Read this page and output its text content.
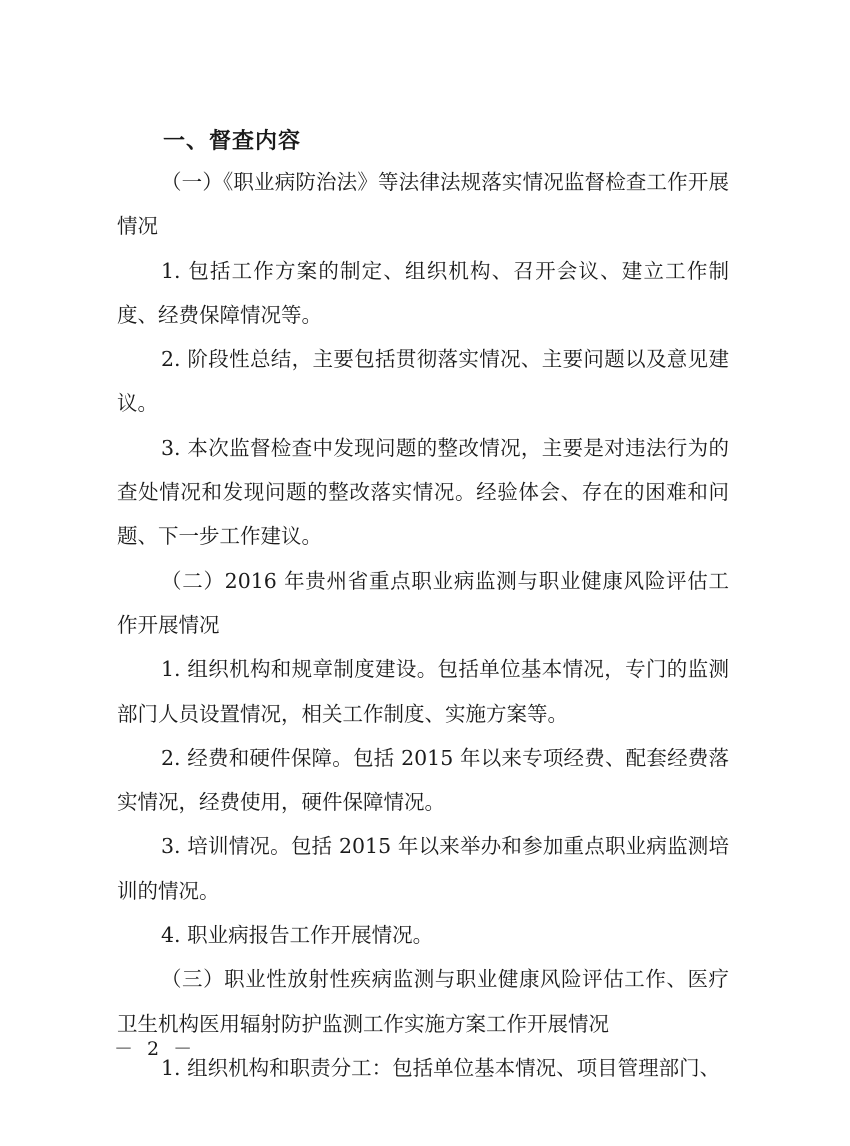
一、督查内容

（一）《职业病防治法》等法律法规落实情况监督检查工作开展情况

1. 包括工作方案的制定、组织机构、召开会议、建立工作制度、经费保障情况等。

2. 阶段性总结，主要包括贯彻落实情况、主要问题以及意见建议。

3. 本次监督检查中发现问题的整改情况，主要是对违法行为的查处情况和发现问题的整改落实情况。经验体会、存在的困难和问题、下一步工作建议。

（二）2016 年贵州省重点职业病监测与职业健康风险评估工作开展情况

1. 组织机构和规章制度建设。包括单位基本情况，专门的监测部门人员设置情况，相关工作制度、实施方案等。

2. 经费和硬件保障。包括 2015 年以来专项经费、配套经费落实情况，经费使用，硬件保障情况。

3. 培训情况。包括 2015 年以来举办和参加重点职业病监测培训的情况。

4. 职业病报告工作开展情况。

（三）职业性放射性疾病监测与职业健康风险评估工作、医疗卫生机构医用辐射防护监测工作实施方案工作开展情况

1. 组织机构和职责分工：包括单位基本情况、项目管理部门、

－ 2 －
